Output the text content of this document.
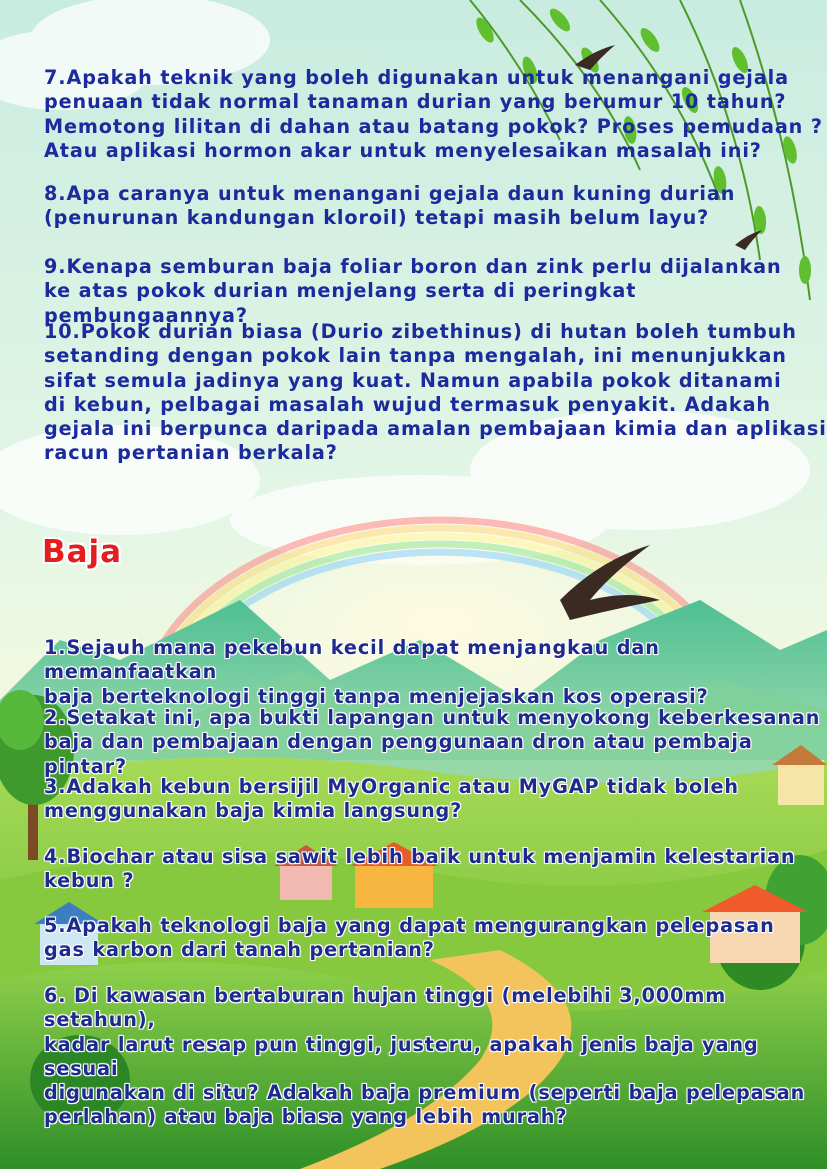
7.Apakah teknik yang boleh digunakan untuk menangani gejala
penuaan tidak normal tanaman durian yang berumur 10 tahun?
Memotong lilitan di dahan atau batang pokok? Proses pemudaan ?
Atau aplikasi hormon akar untuk menyelesaikan masalah ini?

8.Apa caranya untuk menangani gejala daun kuning durian
(penurunan kandungan kloroil) tetapi masih belum layu?

9.Kenapa semburan baja foliar boron dan zink perlu dijalankan
ke atas pokok durian menjelang serta di peringkat pembungaannya?

10.Pokok durian biasa (Durio zibethinus) di hutan boleh tumbuh
setanding dengan pokok lain tanpa mengalah, ini menunjukkan
sifat semula jadinya yang kuat. Namun apabila pokok ditanami
di kebun, pelbagai masalah wujud termasuk penyakit. Adakah
gejala ini berpunca daripada amalan pembajaan kimia dan aplikasi
racun pertanian berkala?

Baja

1.Sejauh mana pekebun kecil dapat menjangkau dan memanfaatkan
baja berteknologi tinggi tanpa menjejaskan kos operasi?

2.Setakat ini, apa bukti lapangan untuk menyokong keberkesanan
baja dan pembajaan dengan penggunaan dron atau pembaja pintar?

3.Adakah kebun bersijil MyOrganic atau MyGAP tidak boleh
menggunakan baja kimia langsung?

4.Biochar atau sisa sawit lebih baik untuk menjamin kelestarian
kebun ?

5.Apakah teknologi baja yang dapat mengurangkan pelepasan
gas karbon dari tanah pertanian?

6. Di kawasan bertaburan hujan tinggi (melebihi 3,000mm setahun),
kadar larut resap pun tinggi, justeru, apakah jenis baja yang sesuai
digunakan di situ? Adakah baja premium (seperti baja pelepasan
perlahan) atau baja biasa yang lebih murah?
